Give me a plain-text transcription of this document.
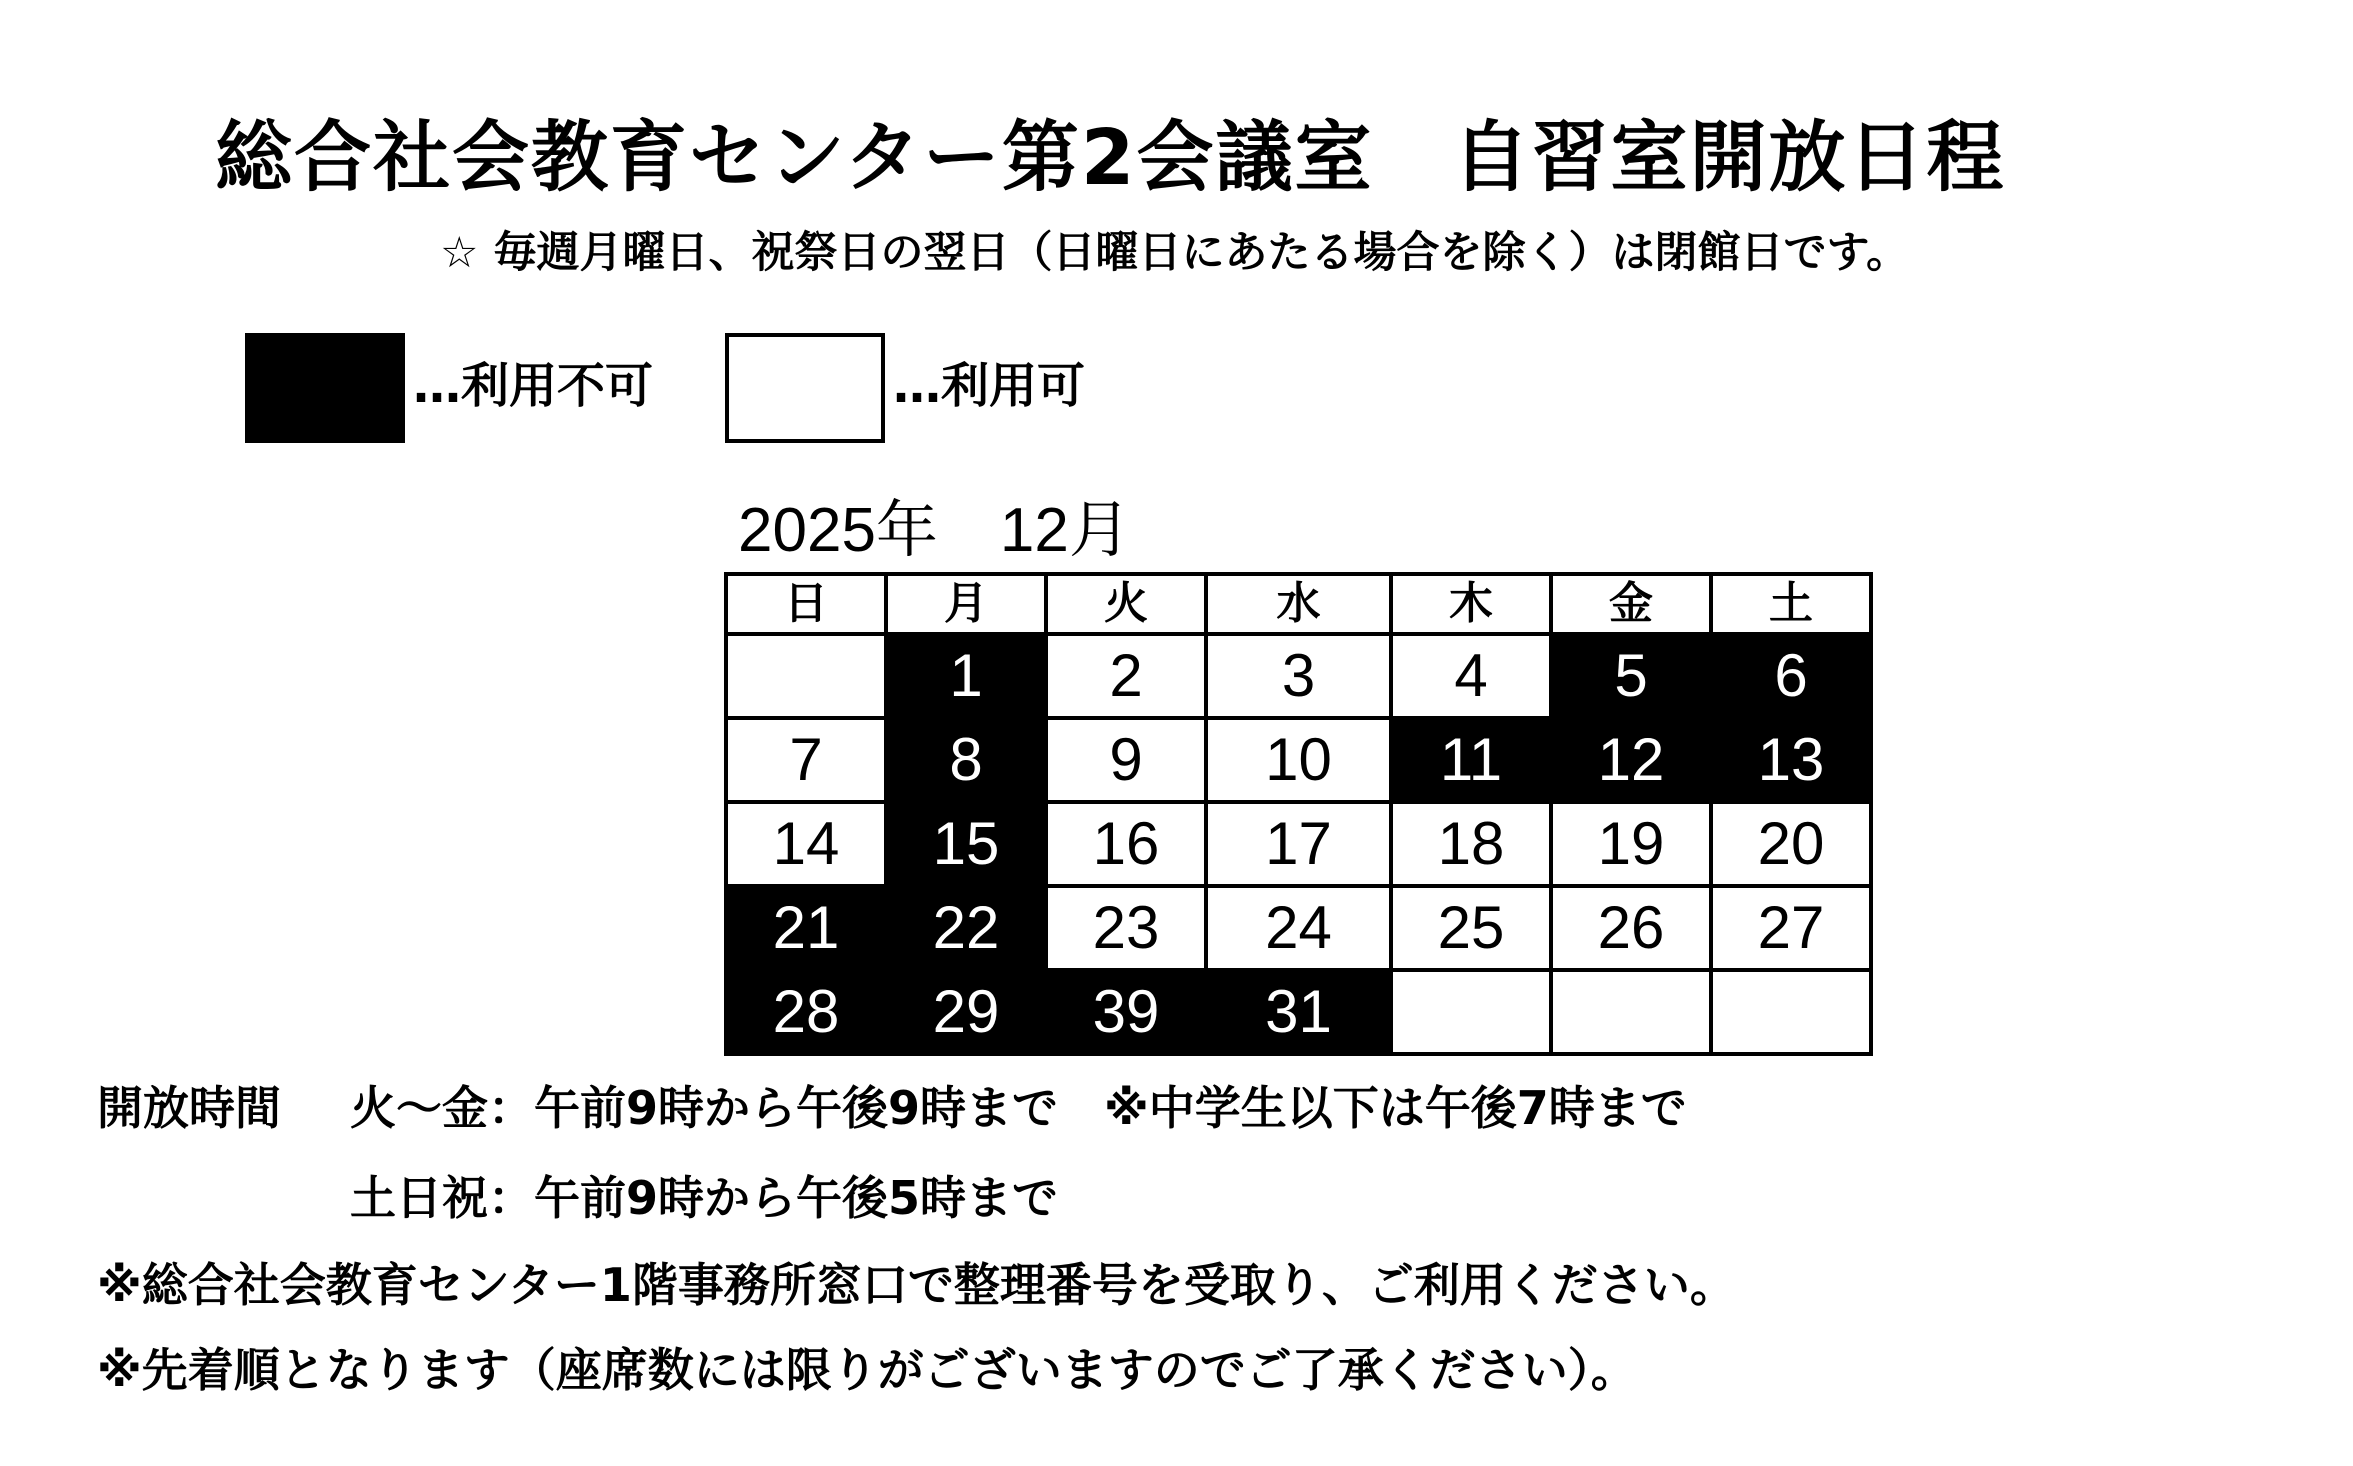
総合社会教育センター第2会議室　自習室開放日程
☆ 毎週月曜日、祝祭日の翌日（日曜日にあたる場合を除く）は閉館日です。
…利用不可	…利用可
2025年　12月
日	月	火	水	木	金	土
	1	2	3	4	5	6
7	8	9	10	11	12	13
14	15	16	17	18	19	20
21	22	23	24	25	26	27
28	29	39	31			
開放時間 火～金：午前9時から午後9時まで　※中学生以下は午後7時まで
土日祝：午前9時から午後5時まで
※総合社会教育センター1階事務所窓口で整理番号を受取り、ご利用ください。
※先着順となります（座席数には限りがございますのでご了承ください）。
